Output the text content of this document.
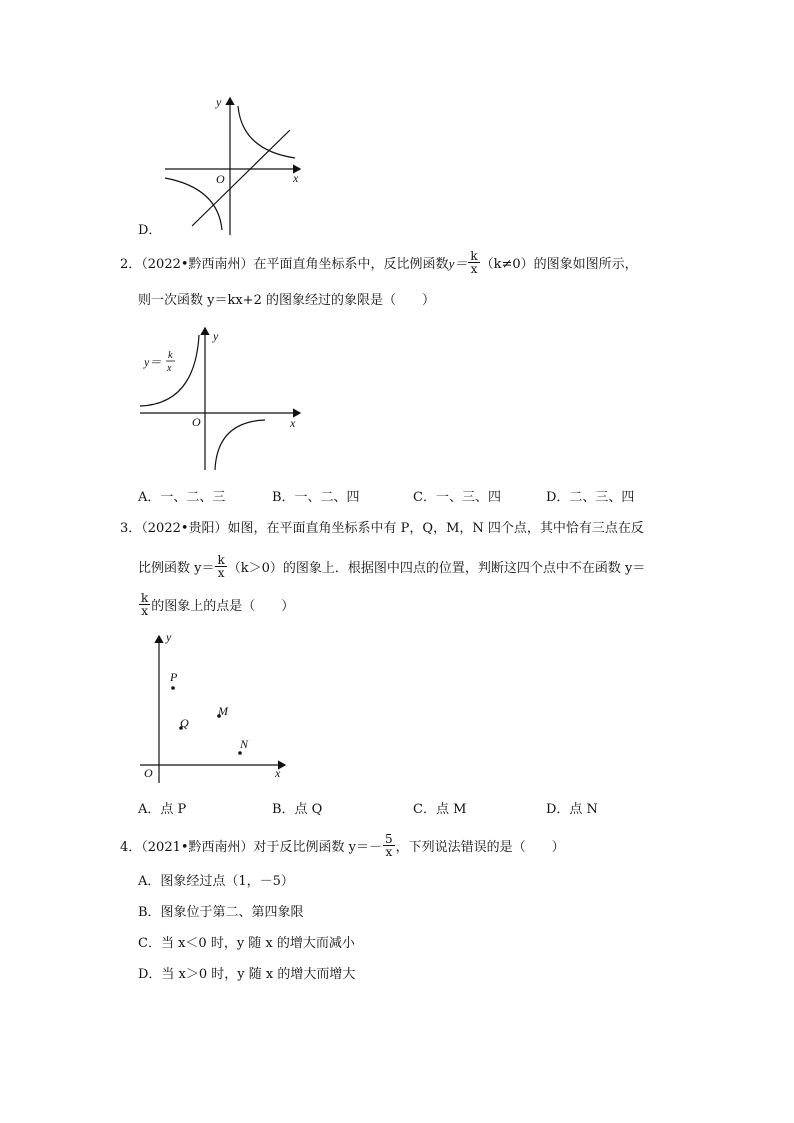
y
x
O
D．
2．（2022•黔西南州）在平面直角坐标系中，反比例函数$y= \frac{k}{x} (k\ne 0)$的图象如图所示，
则一次函数 y＝kx+2 的图象经过的象限是（　　）
y
x
O
y＝ k
x
A．一、二、三	B．一、二、四	C．一、三、四	D．二、三、四
3．（2022•贵阳）如图，在平面直角坐标系中有 P，Q，M，N 四个点，其中恰有三点在反
比例函数 $y= \frac{k}{x} (k>0)$的图象上．根据图中四点的位置，判断这四个点中不在函数 y＝
$\frac{k}{x}$ 的图象上的点是（　　）
y
x
O
P
Q
M
N
A．点 P	B．点 Q	C．点 M	D．点 N
4．（2021•黔西南州）对于反比例函数 $y=- \frac{5}{x}$ ，下列说法错误的是（　　）
A．图象经过点（1，－5）
B．图象位于第二、第四象限
C．当 x＜0 时，y 随 x 的增大而减小
D．当 x＞0 时，y 随 x 的增大而增大
